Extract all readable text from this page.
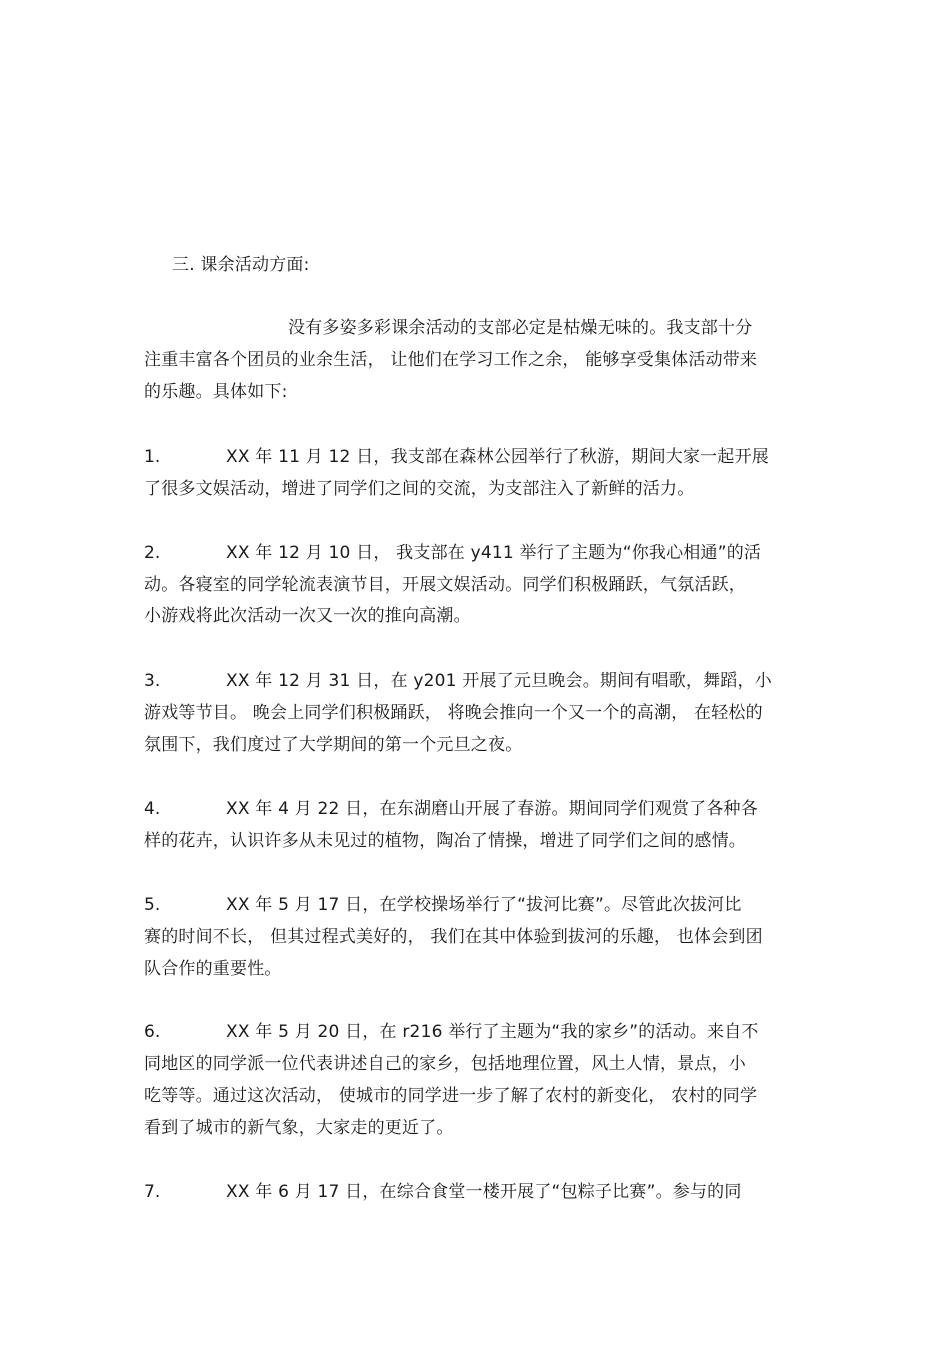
三. 课余活动方面:
没有多姿多彩课余活动的支部必定是枯燥无味的。我支部十分
注重丰富各个团员的业余生活， 让他们在学习工作之余， 能够享受集体活动带来
的乐趣。具体如下:
1.	XX 年 11 月 12 日，我支部在森林公园举行了秋游，期间大家一起开展
了很多文娱活动，增进了同学们之间的交流，为支部注入了新鲜的活力。
2.	XX 年 12 月 10 日， 我支部在 y411 举行了主题为“你我心相通”的活
动。各寝室的同学轮流表演节目，开展文娱活动。同学们积极踊跃，气氛活跃，
小游戏将此次活动一次又一次的推向高潮。
3.	XX 年 12 月 31 日，在 y201 开展了元旦晚会。期间有唱歌，舞蹈，小
游戏等节目。 晚会上同学们积极踊跃， 将晚会推向一个又一个的高潮， 在轻松的
氛围下，我们度过了大学期间的第一个元旦之夜。
4.	XX 年 4 月 22 日，在东湖磨山开展了春游。期间同学们观赏了各种各
样的花卉，认识许多从未见过的植物，陶冶了情操，增进了同学们之间的感情。
5.	XX 年 5 月 17 日，在学校操场举行了“拔河比赛”。尽管此次拔河比
赛的时间不长， 但其过程式美好的， 我们在其中体验到拔河的乐趣， 也体会到团
队合作的重要性。
6.	XX 年 5 月 20 日，在 r216 举行了主题为“我的家乡”的活动。来自不
同地区的同学派一位代表讲述自己的家乡，包括地理位置，风土人情，景点，小
吃等等。通过这次活动， 使城市的同学进一步了解了农村的新变化， 农村的同学
看到了城市的新气象，大家走的更近了。
7.	XX 年 6 月 17 日，在综合食堂一楼开展了“包粽子比赛”。参与的同
